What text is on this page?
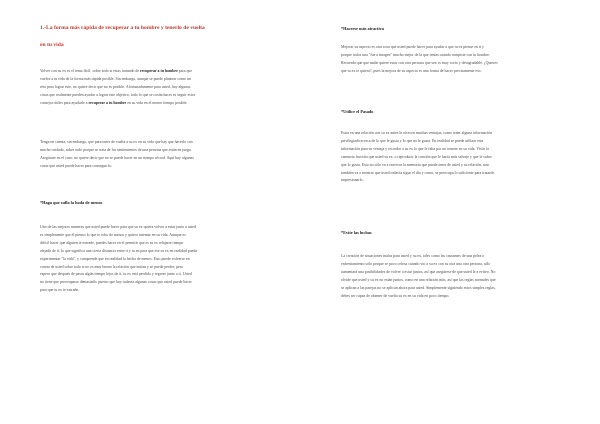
1.-La forma más rápida de recuperar a tu hombre y tenerlo de vuelta
en tu vida
Volver con su ex es el tema fácil, sobre todo si estas tratando de recuperar a tu hombre para que
vuelva a tu vida de la forma más rápida posible. Sin embargo, aunque se puede plantear como un
reto para lograr este, no quiere decir que no es posible. Afortunadamente para usted, hay algunas
cosas que realmente pueden ayudar a lograr este objetivo, todo lo que se cosita hacer es seguir estos
consejos útiles para ayudarle a recuperar a tu hombre en su vida en el menor tiempo posible.
Tenga en cuenta, sin embargo, que para tener de vuelta a su ex en su vida que hay que hacerlo con
mucho cuidado, sobre todo porque se trata de los sentimientos de una persona que están en juego.
Asegúrate en el caso, no quiere decir que no se puede hacer en un tiempo récord. Aquí hay algunas
cosas que usted puede hacer para conseguirlo:
*Haga que sufla la hoda de menos
Uno de las mejores maneras que usted puede hacer para que su ex quiera volver a estar junto a usted
es simplemente que él pienso lo que te echo de menos y quiero intentar en su vida. Aunque es
difícil hacer que alguien te extrañe, puedes hacer en el permitir que es su ex relajarte tiempo
alejado de ti, lo que significa una cierta distancia entre ti y tu en para que ese su ex en realidad pueda
experimentar "la vida", y comprende que en realidad la hecha de menos. Esto puede volverse en
contra de usted sobre todo si no es muy buena la relación que tenían y se puede perder, pero
espero que después de pasar algún tiempo lejos de ti, tu ex está perdido y regrese junto a ti. Usted
no tiene que preocuparse demasiado, puesto que hay todavía algunas cosas que usted puede hacer
para que tu ex te extrañe.
*Hacerse más atractiva
Mejorar su aspecto es otra cosa que usted puede hacer para ayudar a que tu ex piense en ti y
porque todos una "fue a imagen" mucho mejor de la que tenías cuando rompiste con tu hombre.
Recuerda que que nadie quiere estar con otra persona que sea vs muy corto y desagradable. ¿Quieres
que tu ex te quiera?, pues la mejora de su aspecto es una forma de hacer precisamente eso.
*Utilice el Pasado
Estar en una relación con su ex antes le ofrecen muchas ventajas, como tener alguna información
privilegiada acerca de lo que le gusta y lo que no le gusta. En realidad se puede utilizar esta
información para su ventaja y recordar a su ex lo que le falta por no tenerte en su vida. Vistir la
camiseta favorita que usted su ex, o reproducir la canción que le hacía más salvaje y que le subre
que lo gusta. Esto no sólo va a reavivar la memoria que puede tener de usted y su relación, sino
también va a mostrar que usted todavía sigue el día y como, se preocupa lo suficiente para tratarde
impresionarlo.
*Evite las luchas
La creación de situaciones malas para usted y su ex, tales como las causantes de una pelea o
enfrentamiento sólo porque se poco celosa cuando vio a su ex con su otra una otra persona, sólo
aumentará una posibilidades de volver a estar juntos, así que asegúrese de que usted le a eviteo. No
olvide que usted y su ex no están juntos, como en una relación más, así que las reglas normales que
se aplican a las parejas no se aplican ahora para usted. Simplemente siguiendo estos simples reglas,
debes ser capaz de obtener de vuelta su ex en su vida en poco tiempo.
